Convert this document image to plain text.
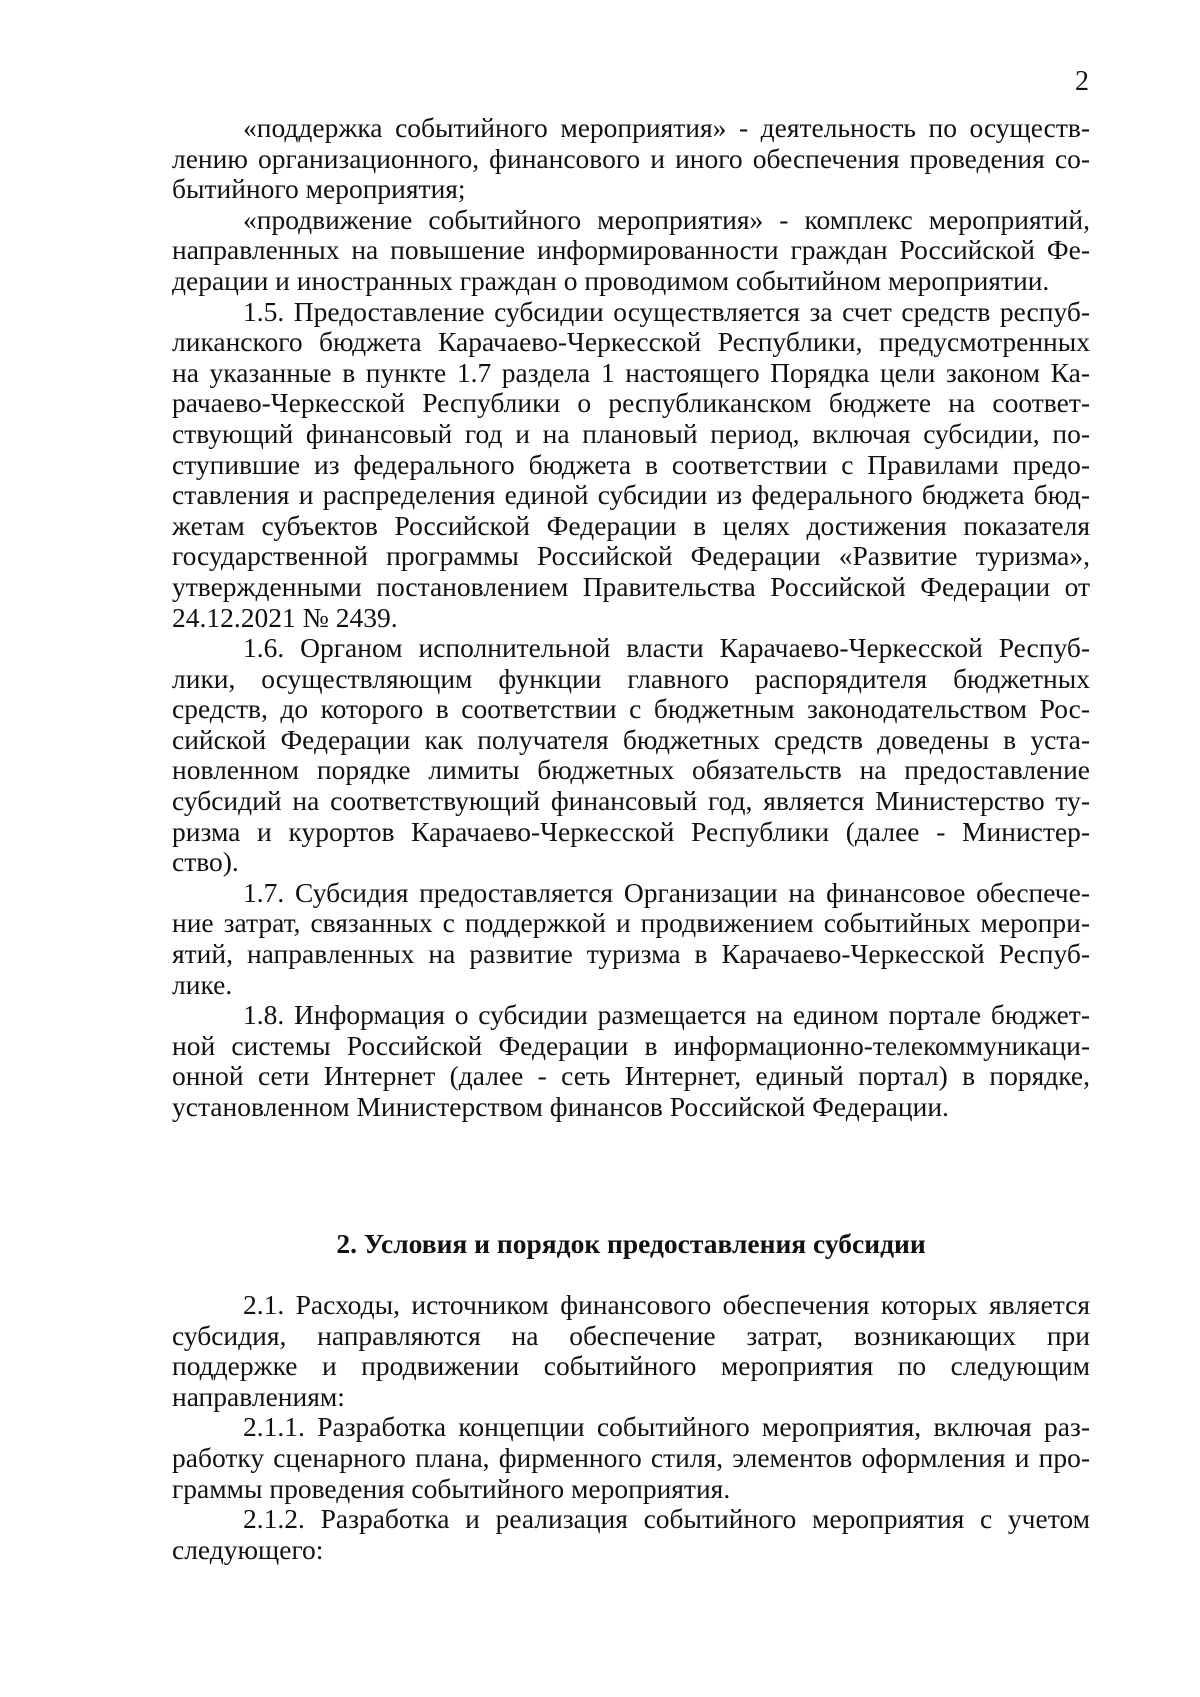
2

«поддержка событийного мероприятия» - деятельность по осуществ-
лению организационного, финансового и иного обеспечения проведения со-
бытийного мероприятия;

«продвижение событийного мероприятия» - комплекс мероприятий,
направленных на повышение информированности граждан Российской Фе-
дерации и иностранных граждан о проводимом событийном мероприятии.

1.5. Предоставление субсидии осуществляется за счет средств респуб-
ликанского бюджета Карачаево-Черкесской Республики, предусмотренных
на указанные в пункте 1.7 раздела 1 настоящего Порядка цели законом Ка-
рачаево-Черкесской Республики о республиканском бюджете на соответ-
ствующий финансовый год и на плановый период, включая субсидии, по-
ступившие из федерального бюджета в соответствии с Правилами предо-
ставления и распределения единой субсидии из федерального бюджета бюд-
жетам субъектов Российской Федерации в целях достижения показателя
государственной программы Российской Федерации «Развитие туризма»,
утвержденными постановлением Правительства Российской Федерации от
24.12.2021 № 2439.

1.6. Органом исполнительной власти Карачаево-Черкесской Респуб-
лики, осуществляющим функции главного распорядителя бюджетных
средств, до которого в соответствии с бюджетным законодательством Рос-
сийской Федерации как получателя бюджетных средств доведены в уста-
новленном порядке лимиты бюджетных обязательств на предоставление
субсидий на соответствующий финансовый год, является Министерство ту-
ризма и курортов Карачаево-Черкесской Республики (далее - Министер-
ство).

1.7. Субсидия предоставляется Организации на финансовое обеспече-
ние затрат, связанных с поддержкой и продвижением событийных меропри-
ятий, направленных на развитие туризма в Карачаево-Черкесской Респуб-
лике.

1.8. Информация о субсидии размещается на едином портале бюджет-
ной системы Российской Федерации в информационно-телекоммуникаци-
онной сети Интернет (далее - сеть Интернет, единый портал) в порядке,
установленном Министерством финансов Российской Федерации.

2. Условия и порядок предоставления субсидии

2.1. Расходы, источником финансового обеспечения которых является
субсидия, направляются на обеспечение затрат, возникающих при
поддержке и продвижении событийного мероприятия по следующим
направлениям:

2.1.1. Разработка концепции событийного мероприятия, включая раз-
работку сценарного плана, фирменного стиля, элементов оформления и про-
граммы проведения событийного мероприятия.

2.1.2. Разработка и реализация событийного мероприятия с учетом
следующего:
